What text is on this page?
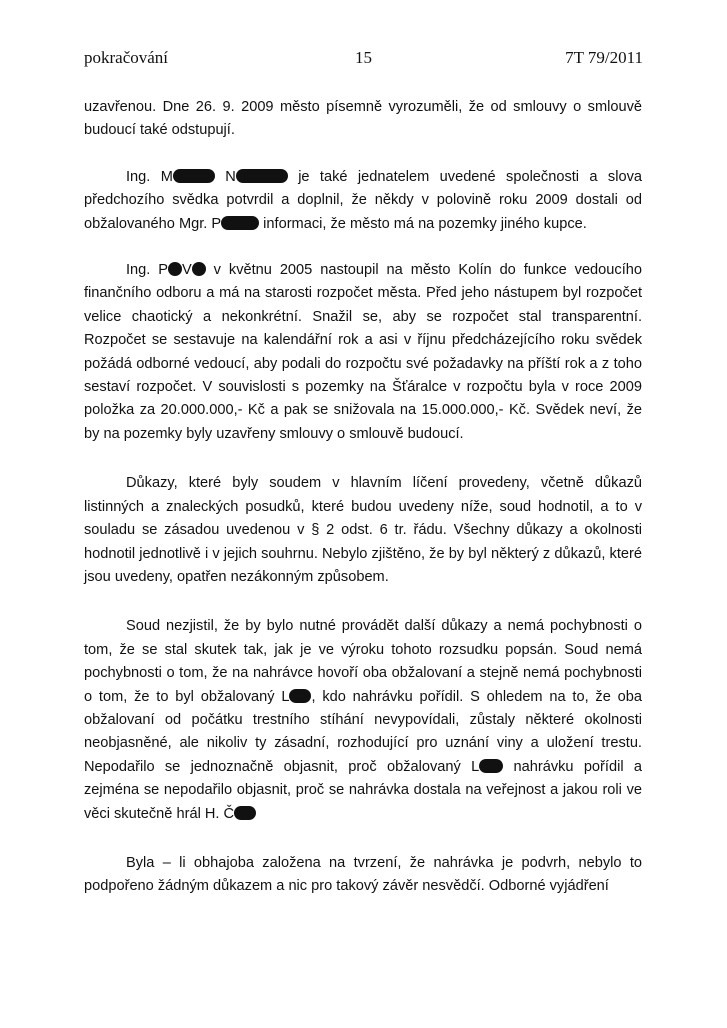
pokračování	15	7T 79/2011

uzavřenou. Dne 26. 9. 2009 město písemně vyrozuměli, že od smlouvy o smlouvě budoucí také odstupují.

Ing. M	N	je také jednatelem uvedené společnosti a slova předchozího svědka potvrdil a doplnil, že někdy v polovině roku 2009 dostali od obžalovaného Mgr. P	informaci, že město má na pozemky jiného kupce.

Ing. P V v květnu 2005 nastoupil na město Kolín do funkce vedoucího finančního odboru a má na starosti rozpočet města. Před jeho nástupem byl rozpočet velice chaotický a nekonkrétní. Snažil se, aby se rozpočet stal transparentní. Rozpočet se sestavuje na kalendářní rok a asi v říjnu předcházejícího roku svědek požádá odborné vedoucí, aby podali do rozpočtu své požadavky na příští rok a z toho sestaví rozpočet. V souvislosti s pozemky na Šťáralce v rozpočtu byla v roce 2009 položka za 20.000.000,- Kč a pak se snižovala na 15.000.000,- Kč. Svědek neví, že by na pozemky byly uzavřeny smlouvy o smlouvě budoucí.

Důkazy, které byly soudem v hlavním líčení provedeny, včetně důkazů listinných a znaleckých posudků, které budou uvedeny níže, soud hodnotil, a to v souladu se zásadou uvedenou v § 2 odst. 6 tr. řádu. Všechny důkazy a okolnosti hodnotil jednotlivě i v jejich souhrnu. Nebylo zjištěno, že by byl některý z důkazů, které jsou uvedeny, opatřen nezákonným způsobem.

Soud nezjistil, že by bylo nutné provádět další důkazy a nemá pochybnosti o tom, že se stal skutek tak, jak je ve výroku tohoto rozsudku popsán. Soud nemá pochybnosti o tom, že na nahrávce hovoří oba obžalovaní a stejně nemá pochybnosti o tom, že to byl obžalovaný L , kdo nahrávku pořídil. S ohledem na to, že oba obžalovaní od počátku trestního stíhání nevypovídali, zůstaly některé okolnosti neobjasněné, ale nikoliv ty zásadní, rozhodující pro uznání viny a uložení trestu. Nepodařilo se jednoznačně objasnit, proč obžalovaný L nahrávku pořídil a zejména se nepodařilo objasnit, proč se nahrávka dostala na veřejnost a jakou roli ve věci skutečně hrál H. Č

Byla – li obhajoba založena na tvrzení, že nahrávka je podvrh, nebylo to podpořeno žádným důkazem a nic pro takový závěr nesvědčí. Odborné vyjádření
